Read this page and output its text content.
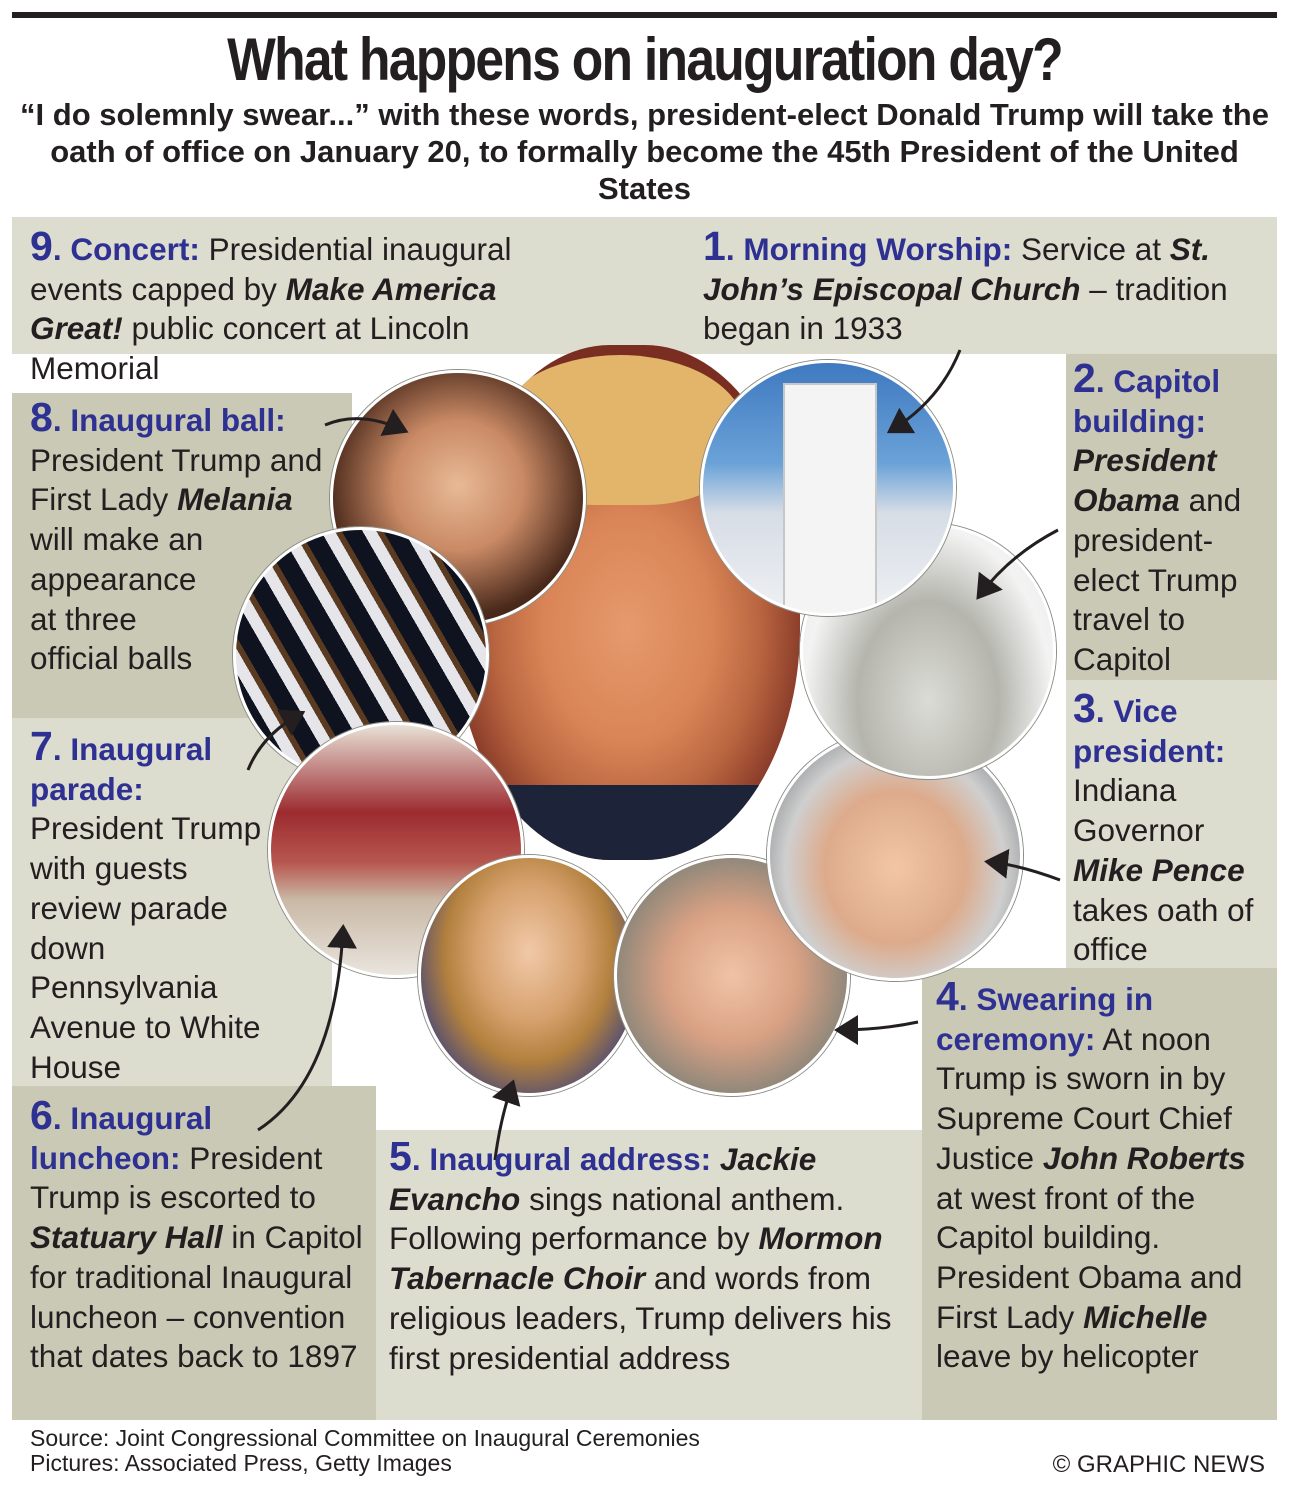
What happens on inauguration day?
“I do solemnly swear...” with these words, president-elect Donald Trump will take the oath of office on January 20, to formally become the 45th President of the United States
9. Concert: Presidential inaugural events capped by Make America Great! public concert at Lincoln Memorial
8. Inaugural ball: President Trump and First Lady Melania will make an appearance at three official balls
7. Inaugural parade: President Trump with guests review parade down Pennsylvania Avenue to White House
6. Inaugural luncheon: President Trump is escorted to Statuary Hall in Capitol for traditional Inaugural luncheon – convention that dates back to 1897
1. Morning Worship: Service at St. John’s Episcopal Church – tradition began in 1933
2. Capitol building: President Obama and president-elect Trump travel to Capitol
3. Vice president: Indiana Governor Mike Pence takes oath of office
4. Swearing in ceremony: At noon Trump is sworn in by Supreme Court Chief Justice John Roberts at west front of the Capitol building. President Obama and First Lady Michelle leave by helicopter
5. Inaugural address: Jackie Evancho sings national anthem. Following performance by Mormon Tabernacle Choir and words from religious leaders, Trump delivers his first presidential address
Source: Joint Congressional Committee on Inaugural Ceremonies
Pictures: Associated Press, Getty Images	© GRAPHIC NEWS
